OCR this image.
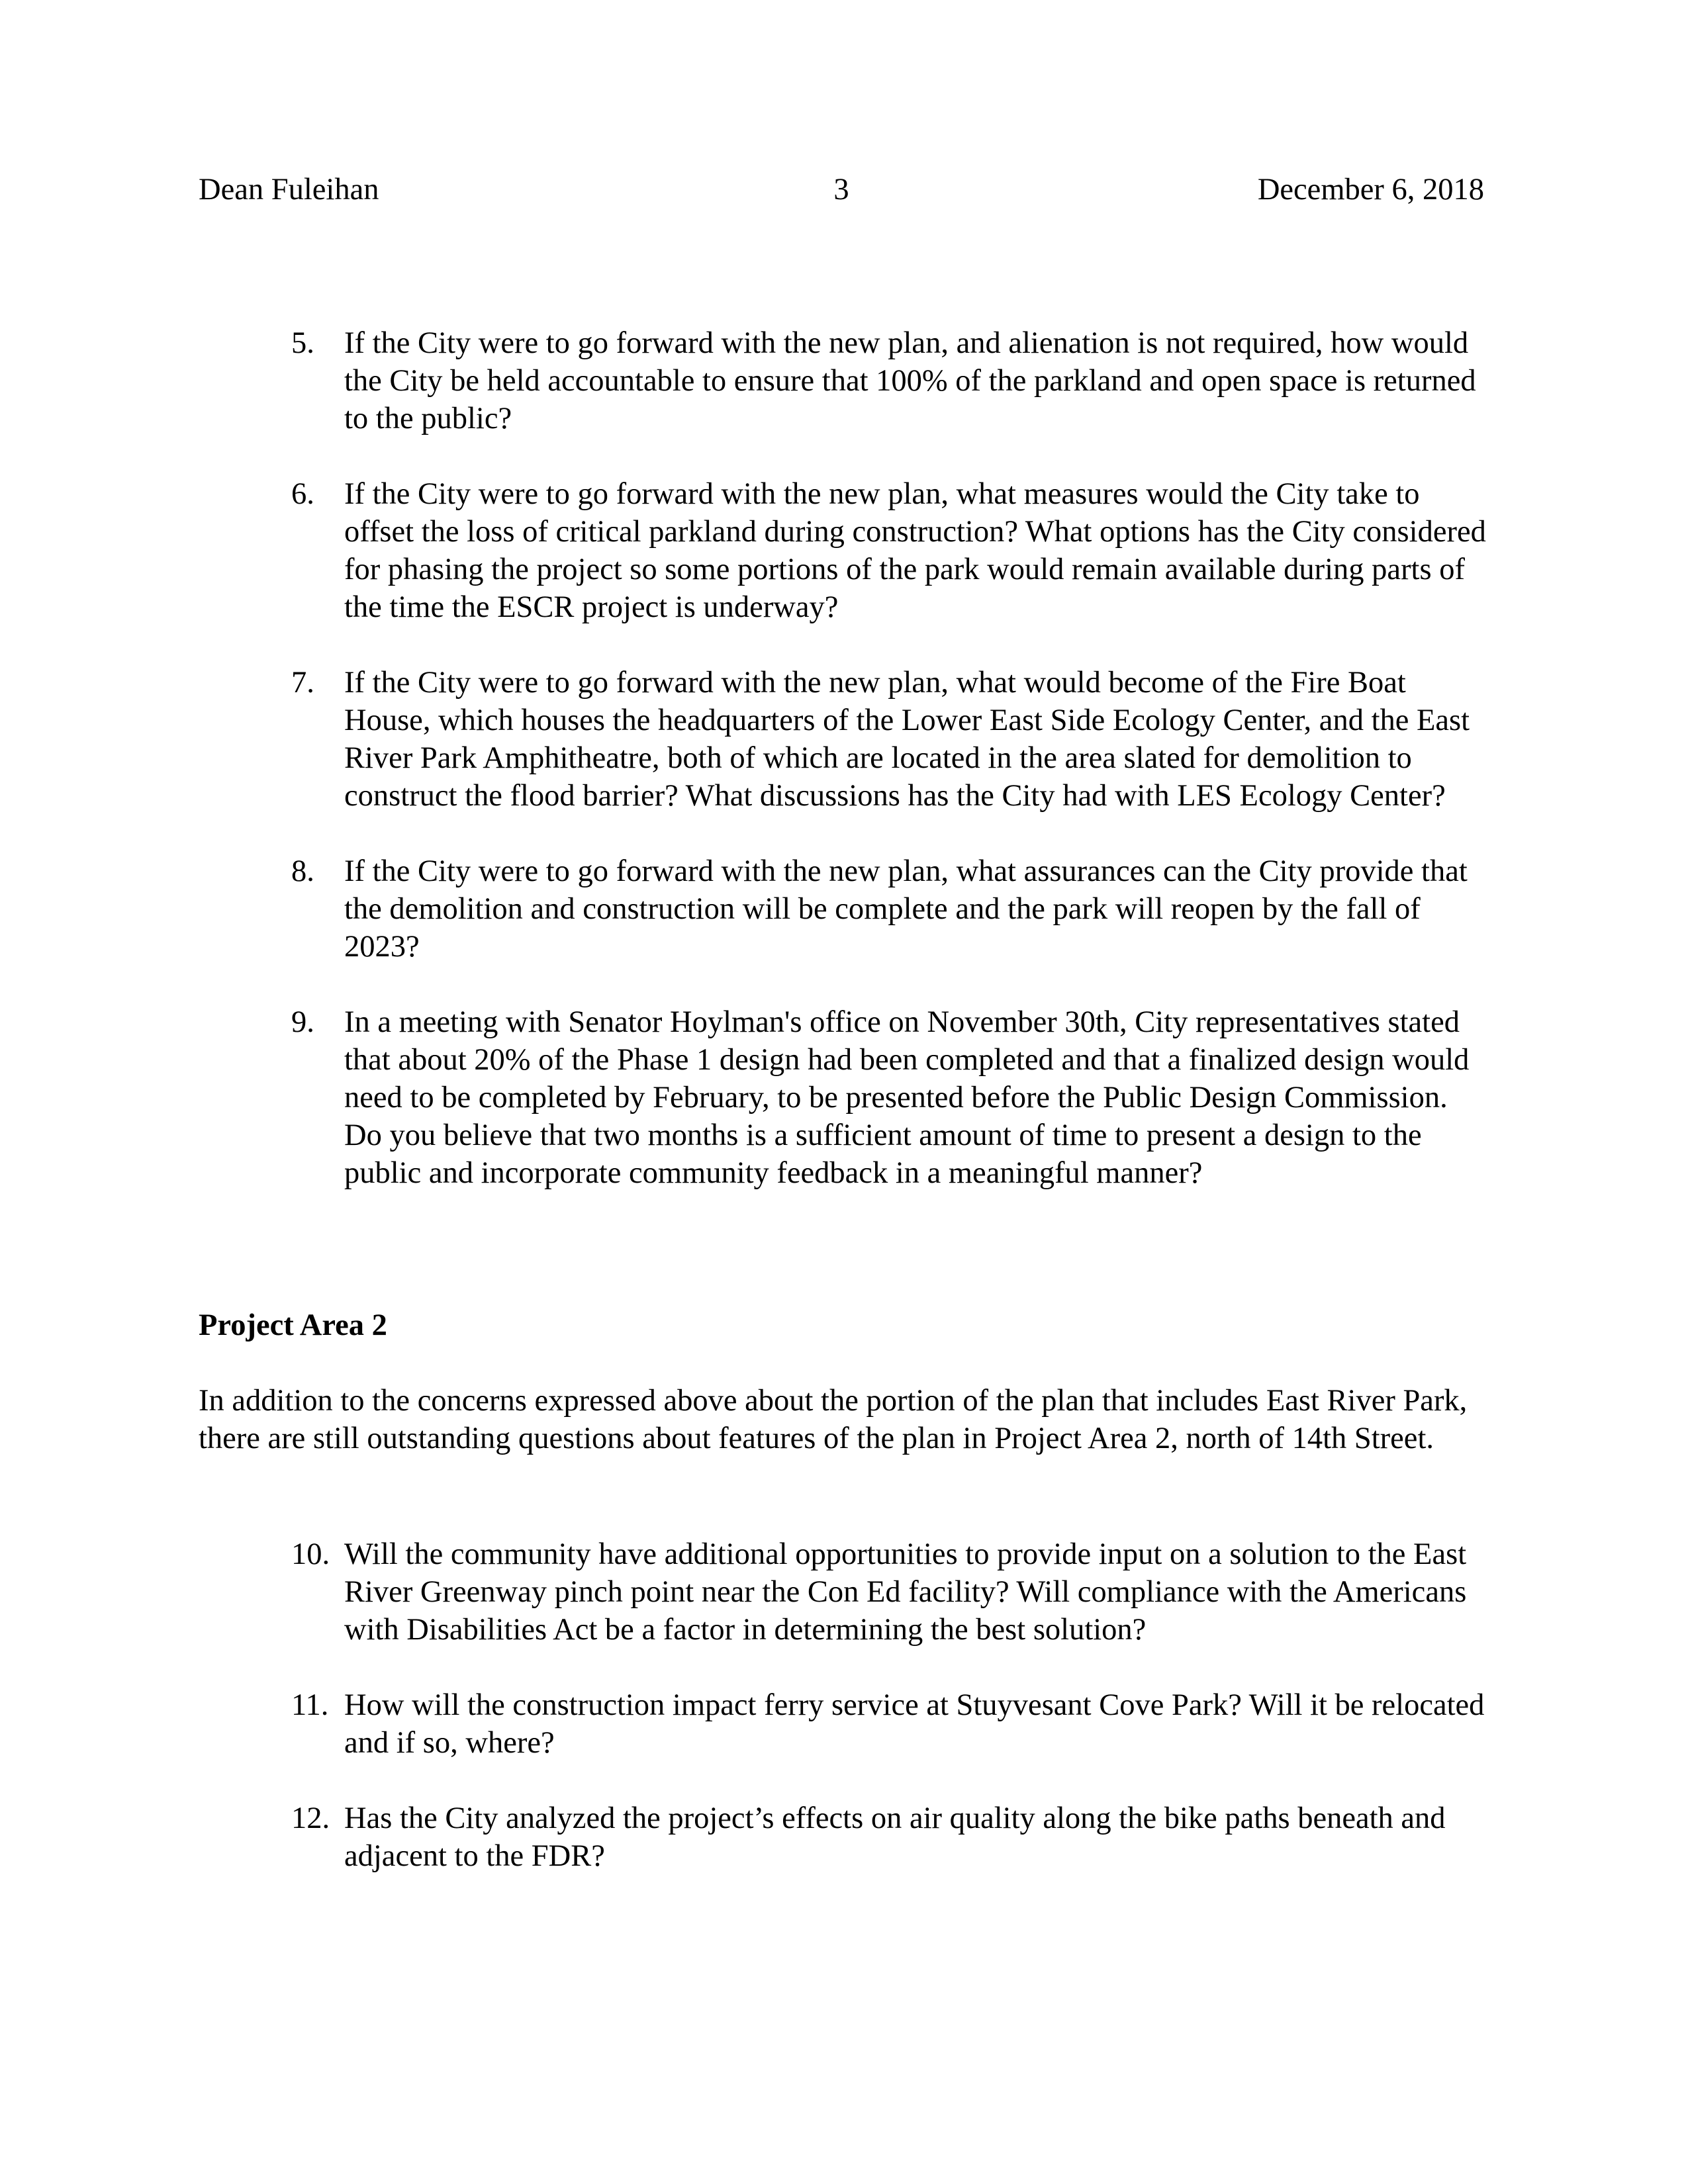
Dean Fuleihan	3	December 6, 2018
5. If the City were to go forward with the new plan, and alienation is not required, how would the City be held accountable to ensure that 100% of the parkland and open space is returned to the public?
6. If the City were to go forward with the new plan, what measures would the City take to offset the loss of critical parkland during construction? What options has the City considered for phasing the project so some portions of the park would remain available during parts of the time the ESCR project is underway?
7. If the City were to go forward with the new plan, what would become of the Fire Boat House, which houses the headquarters of the Lower East Side Ecology Center, and the East River Park Amphitheatre, both of which are located in the area slated for demolition to construct the flood barrier? What discussions has the City had with LES Ecology Center?
8. If the City were to go forward with the new plan, what assurances can the City provide that the demolition and construction will be complete and the park will reopen by the fall of 2023?
9. In a meeting with Senator Hoylman's office on November 30th, City representatives stated that about 20% of the Phase 1 design had been completed and that a finalized design would need to be completed by February, to be presented before the Public Design Commission. Do you believe that two months is a sufficient amount of time to present a design to the public and incorporate community feedback in a meaningful manner?
Project Area 2

In addition to the concerns expressed above about the portion of the plan that includes East River Park, there are still outstanding questions about features of the plan in Project Area 2, north of 14th Street.

10. Will the community have additional opportunities to provide input on a solution to the East River Greenway pinch point near the Con Ed facility? Will compliance with the Americans with Disabilities Act be a factor in determining the best solution?
11. How will the construction impact ferry service at Stuyvesant Cove Park? Will it be relocated and if so, where?
12. Has the City analyzed the project’s effects on air quality along the bike paths beneath and adjacent to the FDR?
